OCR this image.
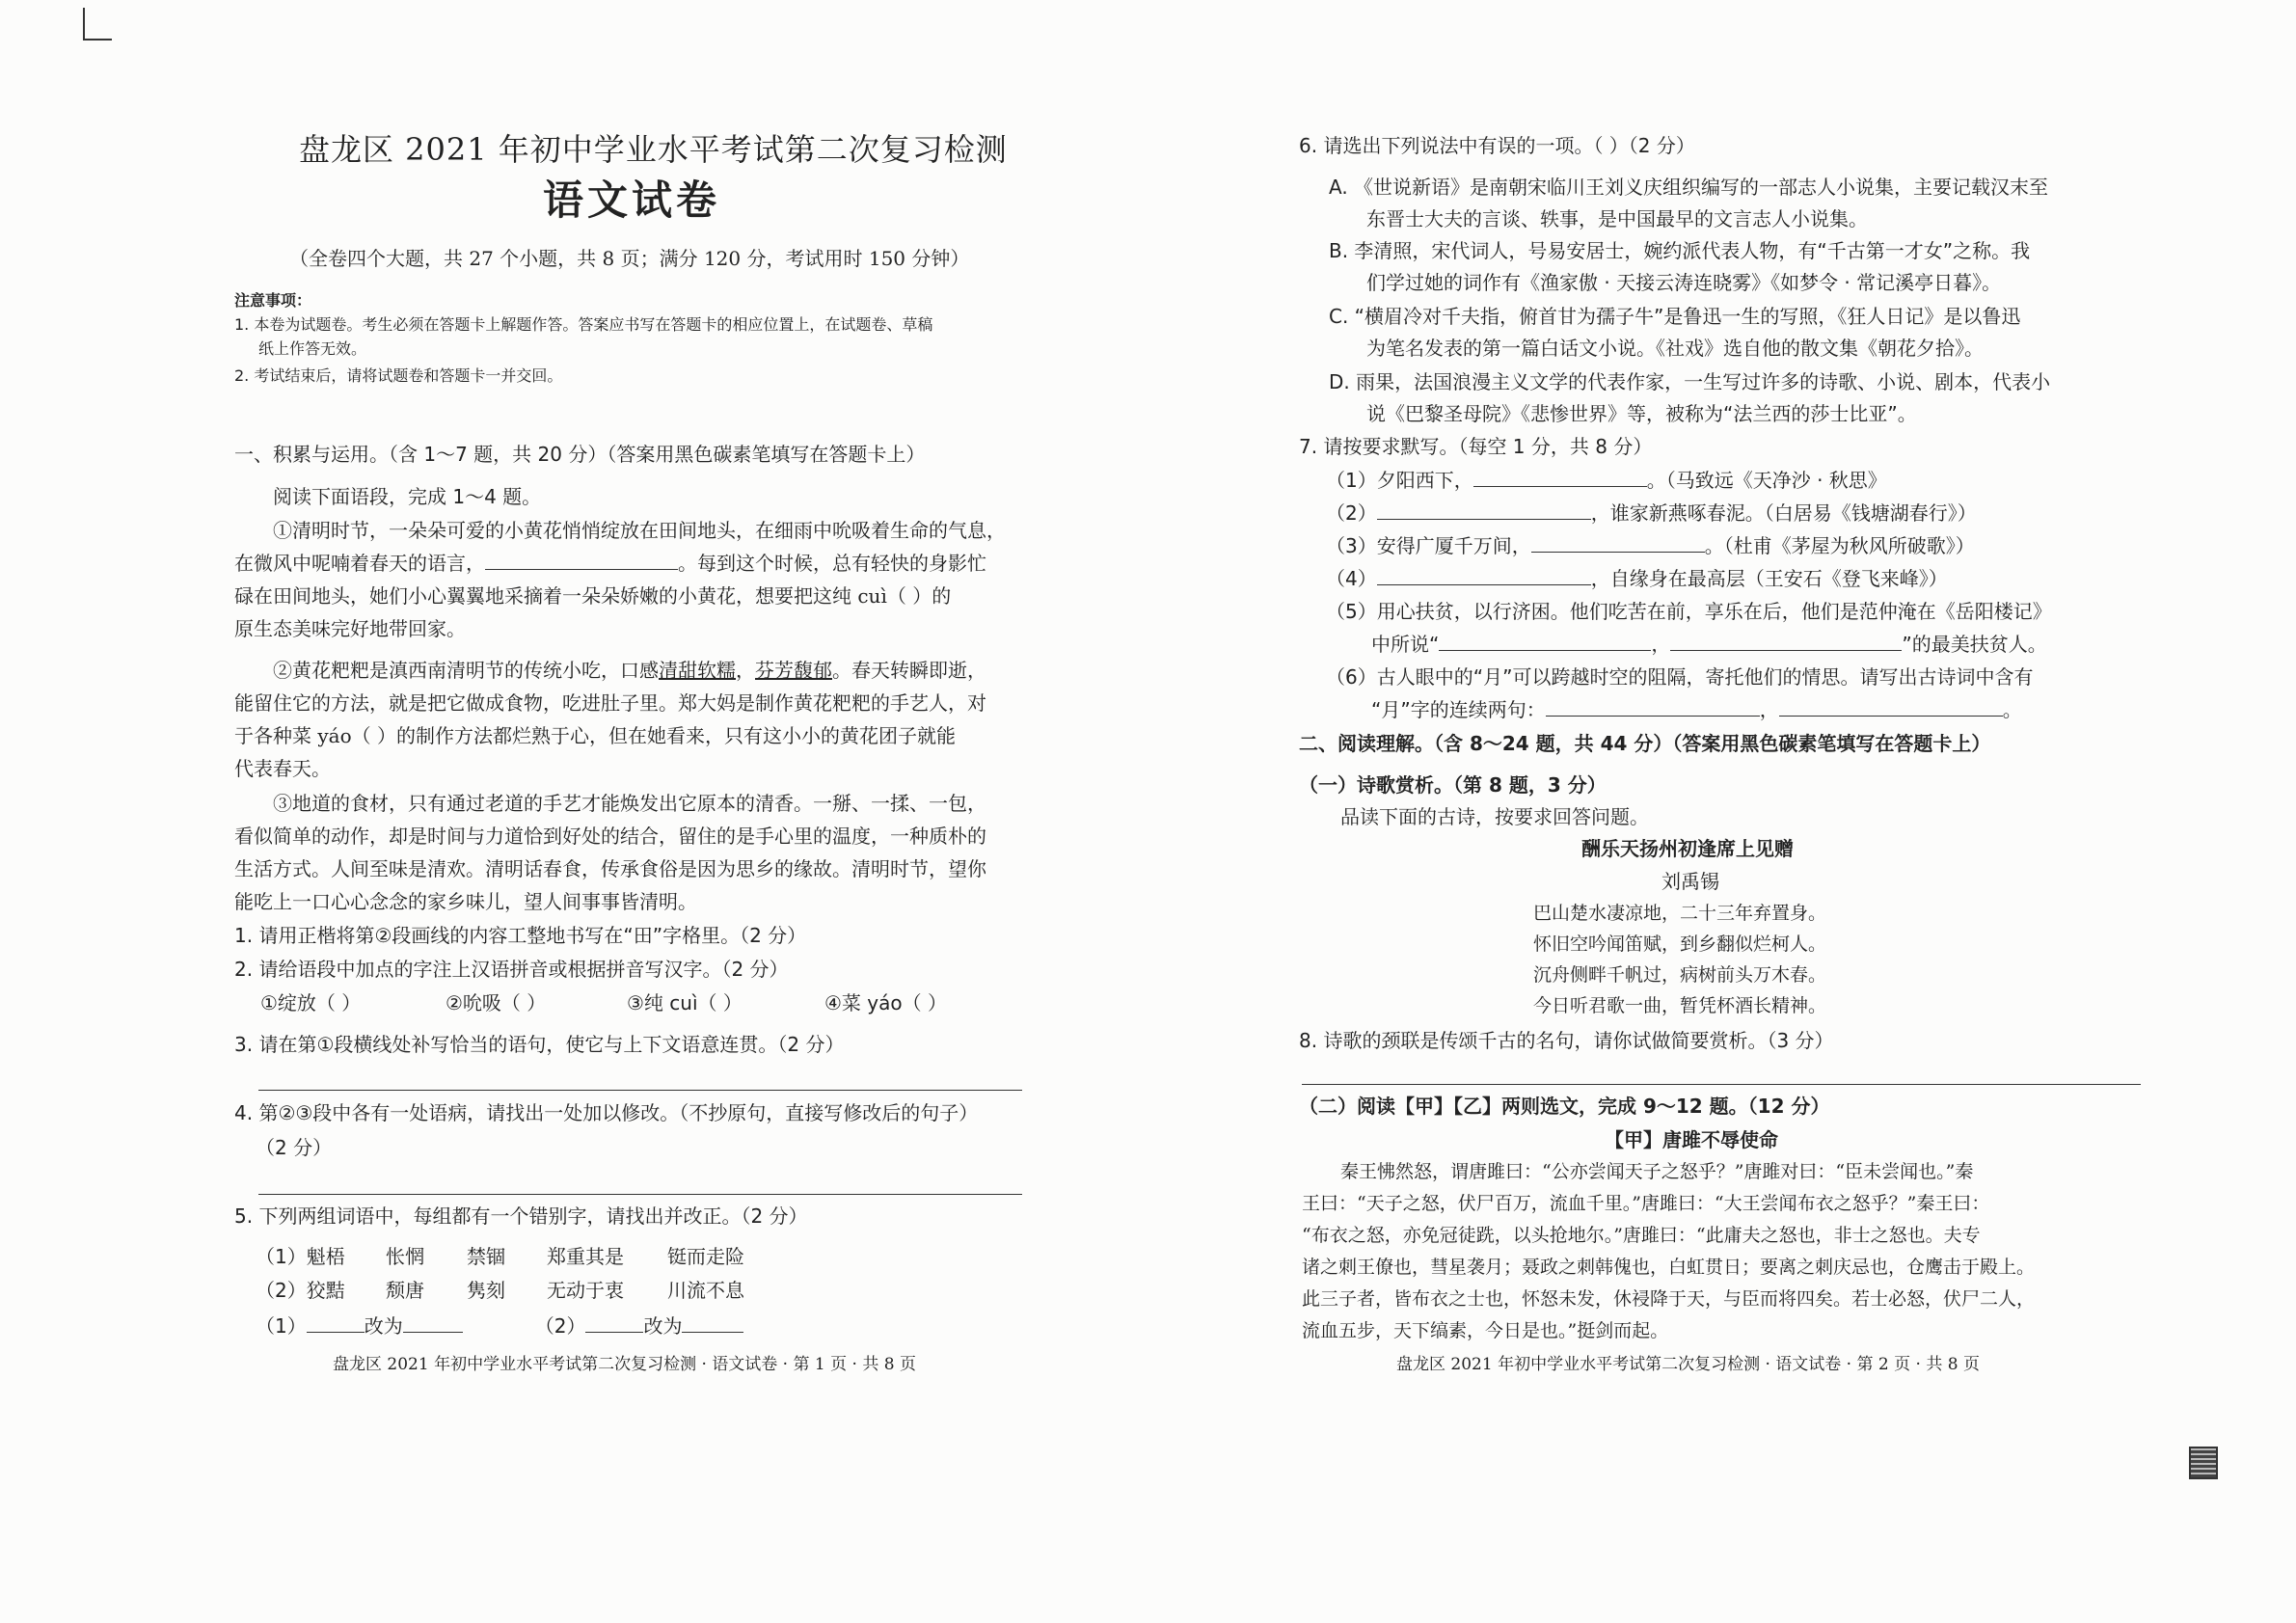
盘龙区 2021 年初中学业水平考试第二次复习检测
语文试卷
（全卷四个大题，共 27 个小题，共 8 页；满分 120 分，考试用时 150 分钟）
注意事项：
1. 本卷为试题卷。考生必须在答题卡上解题作答。答案应书写在答题卡的相应位置上，在试题卷、草稿
纸上作答无效。
2. 考试结束后，请将试题卷和答题卡一并交回。
一、积累与运用。（含 1～7 题，共 20 分）（答案用黑色碳素笔填写在答题卡上）
阅读下面语段，完成 1～4 题。
①清明时节，一朵朵可爱的小黄花悄悄绽放在田间地头，在细雨中吮吸着生命的气息，
在微风中呢喃着春天的语言，	。每到这个时候，总有轻快的身影忙
碌在田间地头，她们小心翼翼地采摘着一朵朵娇嫩的小黄花，想要把这纯 cuì（ ）的
原生态美味完好地带回家。
②黄花粑粑是滇西南清明节的传统小吃，口感清甜软糯，芬芳馥郁。春天转瞬即逝，
能留住它的方法，就是把它做成食物，吃进肚子里。郑大妈是制作黄花粑粑的手艺人，对
于各种菜 yáo（ ）的制作方法都烂熟于心，但在她看来，只有这小小的黄花团子就能
代表春天。
③地道的食材，只有通过老道的手艺才能焕发出它原本的清香。一掰、一揉、一包，
看似简单的动作，却是时间与力道恰到好处的结合，留住的是手心里的温度，一种质朴的
生活方式。人间至味是清欢。清明话春食，传承食俗是因为思乡的缘故。清明时节，望你
能吃上一口心心念念的家乡味儿，望人间事事皆清明。
1. 请用正楷将第②段画线的内容工整地书写在“田”字格里。（2 分）
2. 请给语段中加点的字注上汉语拼音或根据拼音写汉字。（2 分）
①绽放（ ）	②吮吸（ ）	③纯 cuì（ ）	④菜 yáo（ ）
3. 请在第①段横线处补写恰当的语句，使它与上下文语意连贯。（2 分）
4. 第②③段中各有一处语病，请找出一处加以修改。（不抄原句，直接写修改后的句子）
（2 分）
5. 下列两组词语中，每组都有一个错别字，请找出并改正。（2 分）
（1）魁梧 怅惘 禁锢 郑重其是 铤而走险
（2）狡黠 颓唐 隽刻 无动于衷 川流不息
（1）	改为	（2）	改为
盘龙区 2021 年初中学业水平考试第二次复习检测 · 语文试卷 · 第 1 页 · 共 8 页
6. 请选出下列说法中有误的一项。（ ）（2 分）
A. 《世说新语》是南朝宋临川王刘义庆组织编写的一部志人小说集，主要记载汉末至
东晋士大夫的言谈、轶事，是中国最早的文言志人小说集。
B. 李清照，宋代词人，号易安居士，婉约派代表人物，有“千古第一才女”之称。我
们学过她的词作有《渔家傲 · 天接云涛连晓雾》《如梦令 · 常记溪亭日暮》。
C. “横眉冷对千夫指，俯首甘为孺子牛”是鲁迅一生的写照，《狂人日记》是以鲁迅
为笔名发表的第一篇白话文小说。《社戏》选自他的散文集《朝花夕拾》。
D. 雨果，法国浪漫主义文学的代表作家，一生写过许多的诗歌、小说、剧本，代表小
说《巴黎圣母院》《悲惨世界》等，被称为“法兰西的莎士比亚”。
7. 请按要求默写。（每空 1 分，共 8 分）
（1）夕阳西下，	。（马致远《天净沙 · 秋思》
（2）	，谁家新燕啄春泥。（白居易《钱塘湖春行》）
（3）安得广厦千万间，	。（杜甫《茅屋为秋风所破歌》）
（4）	，自缘身在最高层（王安石《登飞来峰》）
（5）用心扶贫，以行济困。他们吃苦在前，享乐在后，他们是范仲淹在《岳阳楼记》
中所说“	，	”的最美扶贫人。
（6）古人眼中的“月”可以跨越时空的阻隔，寄托他们的情思。请写出古诗词中含有
“月”字的连续两句：	，	。
二、阅读理解。（含 8～24 题，共 44 分）（答案用黑色碳素笔填写在答题卡上）
（一）诗歌赏析。（第 8 题，3 分）
品读下面的古诗，按要求回答问题。
酬乐天扬州初逢席上见赠
刘禹锡
巴山楚水凄凉地，二十三年弃置身。
怀旧空吟闻笛赋，到乡翻似烂柯人。
沉舟侧畔千帆过，病树前头万木春。
今日听君歌一曲，暂凭杯酒长精神。
8. 诗歌的颈联是传颂千古的名句，请你试做简要赏析。（3 分）
（二）阅读【甲】【乙】两则选文，完成 9～12 题。（12 分）
【甲】唐雎不辱使命
秦王怫然怒，谓唐雎曰：“公亦尝闻天子之怒乎？”唐雎对曰：“臣未尝闻也。”秦
王曰：“天子之怒，伏尸百万，流血千里。”唐雎曰：“大王尝闻布衣之怒乎？”秦王曰：
“布衣之怒，亦免冠徒跣，以头抢地尔。”唐雎曰：“此庸夫之怒也，非士之怒也。夫专
诸之刺王僚也，彗星袭月；聂政之刺韩傀也，白虹贯日；要离之刺庆忌也，仓鹰击于殿上。
此三子者，皆布衣之士也，怀怒未发，休祲降于天，与臣而将四矣。若士必怒，伏尸二人，
流血五步，天下缟素，今日是也。”挺剑而起。
盘龙区 2021 年初中学业水平考试第二次复习检测 · 语文试卷 · 第 2 页 · 共 8 页
